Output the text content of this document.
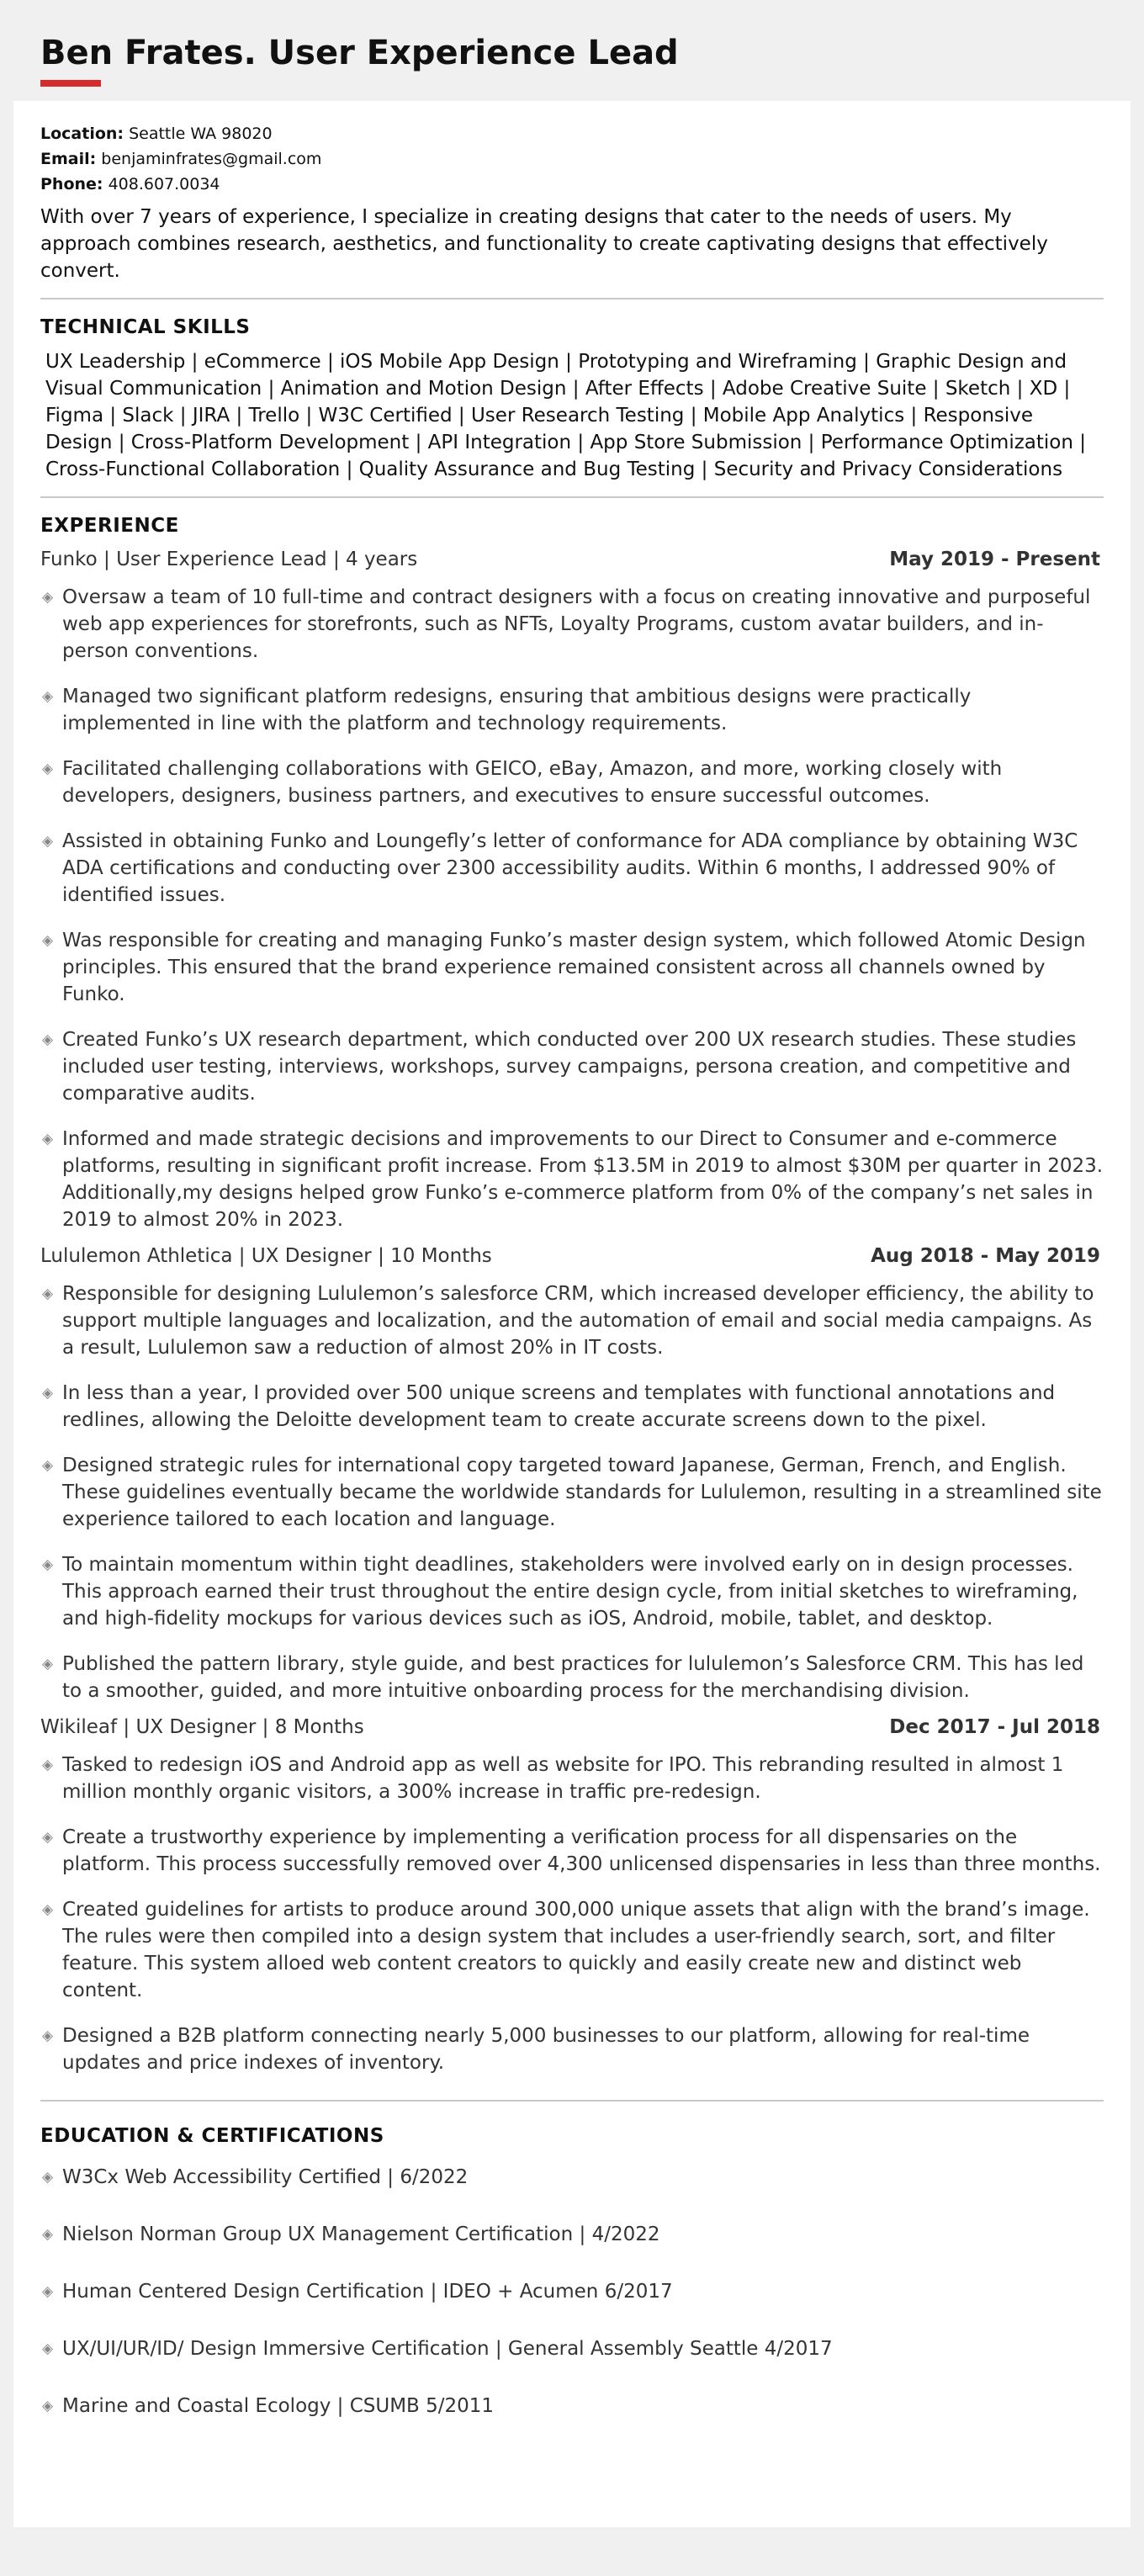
Ben Frates. User Experience Lead
Location: Seattle WA 98020
Email: benjaminfrates@gmail.com
Phone: 408.607.0034
With over 7 years of experience, I specialize in creating designs that cater to the needs of users. My approach combines research, aesthetics, and functionality to create captivating designs that effectively convert.
TECHNICAL SKILLS
UX Leadership | eCommerce | iOS Mobile App Design | Prototyping and Wireframing | Graphic Design and Visual Communication | Animation and Motion Design | After Effects | Adobe Creative Suite | Sketch | XD | Figma | Slack | JIRA | Trello | W3C Certified | User Research Testing | Mobile App Analytics | Responsive Design | Cross-Platform Development | API Integration | App Store Submission | Performance Optimization | Cross-Functional Collaboration | Quality Assurance and Bug Testing | Security and Privacy Considerations
EXPERIENCE
Funko | User Experience Lead | 4 years	May 2019 - Present
◈ Oversaw a team of 10 full-time and contract designers with a focus on creating innovative and purposeful web app experiences for storefronts, such as NFTs, Loyalty Programs, custom avatar builders, and in-person conventions.
◈ Managed two significant platform redesigns, ensuring that ambitious designs were practically implemented in line with the platform and technology requirements.
◈ Facilitated challenging collaborations with GEICO, eBay, Amazon, and more, working closely with developers, designers, business partners, and executives to ensure successful outcomes.
◈ Assisted in obtaining Funko and Loungefly’s letter of conformance for ADA compliance by obtaining W3C ADA certifications and conducting over 2300 accessibility audits. Within 6 months, I addressed 90% of identified issues.
◈ Was responsible for creating and managing Funko’s master design system, which followed Atomic Design principles. This ensured that the brand experience remained consistent across all channels owned by Funko.
◈ Created Funko’s UX research department, which conducted over 200 UX research studies. These studies included user testing, interviews, workshops, survey campaigns, persona creation, and competitive and comparative audits.
◈ Informed and made strategic decisions and improvements to our Direct to Consumer and e-commerce platforms, resulting in significant profit increase. From $13.5M in 2019 to almost $30M per quarter in 2023. Additionally,my designs helped grow Funko’s e-commerce platform from 0% of the company’s net sales in 2019 to almost 20% in 2023.
Lululemon Athletica | UX Designer | 10 Months	Aug 2018 - May 2019
◈ Responsible for designing Lululemon’s salesforce CRM, which increased developer efficiency, the ability to support multiple languages and localization, and the automation of email and social media campaigns. As a result, Lululemon saw a reduction of almost 20% in IT costs.
◈ In less than a year, I provided over 500 unique screens and templates with functional annotations and redlines, allowing the Deloitte development team to create accurate screens down to the pixel.
◈ Designed strategic rules for international copy targeted toward Japanese, German, French, and English. These guidelines eventually became the worldwide standards for Lululemon, resulting in a streamlined site experience tailored to each location and language.
◈ To maintain momentum within tight deadlines, stakeholders were involved early on in design processes. This approach earned their trust throughout the entire design cycle, from initial sketches to wireframing, and high-fidelity mockups for various devices such as iOS, Android, mobile, tablet, and desktop.
◈ Published the pattern library, style guide, and best practices for lululemon’s Salesforce CRM. This has led to a smoother, guided, and more intuitive onboarding process for the merchandising division.
Wikileaf | UX Designer | 8 Months	Dec 2017 - Jul 2018
◈ Tasked to redesign iOS and Android app as well as website for IPO. This rebranding resulted in almost 1 million monthly organic visitors, a 300% increase in traffic pre-redesign.
◈ Create a trustworthy experience by implementing a verification process for all dispensaries on the platform. This process successfully removed over 4,300 unlicensed dispensaries in less than three months.
◈ Created guidelines for artists to produce around 300,000 unique assets that align with the brand’s image. The rules were then compiled into a design system that includes a user-friendly search, sort, and filter feature. This system alloed web content creators to quickly and easily create new and distinct web content.
◈ Designed a B2B platform connecting nearly 5,000 businesses to our platform, allowing for real-time updates and price indexes of inventory.
EDUCATION & CERTIFICATIONS
◈ W3Cx Web Accessibility Certified | 6/2022
◈ Nielson Norman Group UX Management Certification | 4/2022
◈ Human Centered Design Certification | IDEO + Acumen 6/2017
◈ UX/UI/UR/ID/ Design Immersive Certification | General Assembly Seattle 4/2017
◈ Marine and Coastal Ecology | CSUMB 5/2011
